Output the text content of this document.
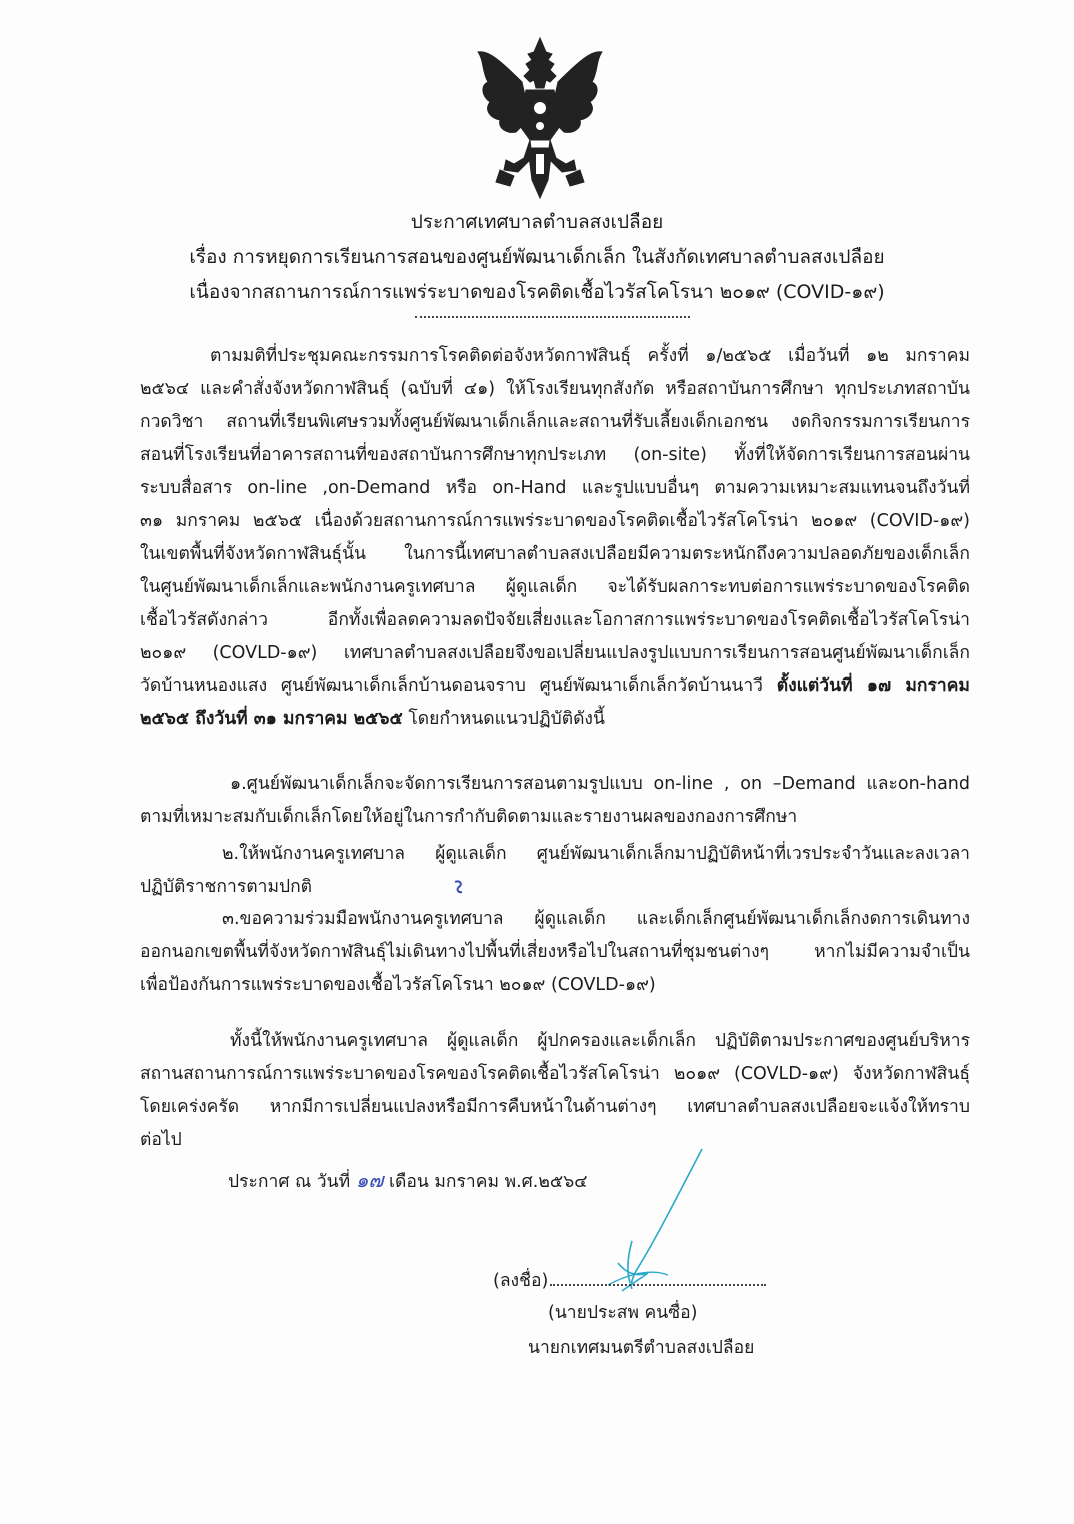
ประกาศเทศบาลตำบลสงเปลือย
เรื่อง การหยุดการเรียนการสอนของศูนย์พัฒนาเด็กเล็ก ในสังกัดเทศบาลตำบลสงเปลือย
เนื่องจากสถานการณ์การแพร่ระบาดของโรคติดเชื้อไวรัสโคโรนา ๒๐๑๙ (COVID-๑๙)
ตามมติที่ประชุมคณะกรรมการโรคติดต่อจังหวัดกาฬสินธุ์ ครั้งที่ ๑/๒๕๖๕ เมื่อวันที่ ๑๒ มกราคม
๒๕๖๔ และคำสั่งจังหวัดกาฬสินธุ์ (ฉบับที่ ๔๑) ให้โรงเรียนทุกสังกัด หรือสถาบันการศึกษา ทุกประเภทสถาบัน
กวดวิชา สถานที่เรียนพิเศษรวมทั้งศูนย์พัฒนาเด็กเล็กและสถานที่รับเลี้ยงเด็กเอกชน งดกิจกรรมการเรียนการ
สอนที่โรงเรียนที่อาคารสถานที่ของสถาบันการศึกษาทุกประเภท (on-site) ทั้งที่ให้จัดการเรียนการสอนผ่าน
ระบบสื่อสาร on-line ,on-Demand หรือ on-Hand และรูปแบบอื่นๆ ตามความเหมาะสมแทนจนถึงวันที่
๓๑ มกราคม ๒๕๖๕ เนื่องด้วยสถานการณ์การแพร่ระบาดของโรคติดเชื้อไวรัสโคโรน่า ๒๐๑๙ (COVID-๑๙)
ในเขตพื้นที่จังหวัดกาฬสินธุ์นั้น ในการนี้เทศบาลตำบลสงเปลือยมีความตระหนักถึงความปลอดภัยของเด็กเล็ก
ในศูนย์พัฒนาเด็กเล็กและพนักงานครูเทศบาล ผู้ดูแลเด็ก จะได้รับผลการะทบต่อการแพร่ระบาดของโรคติด
เชื้อไวรัสดังกล่าว อีกทั้งเพื่อลดความลดปัจจัยเสี่ยงและโอกาสการแพร่ระบาดของโรคติดเชื้อไวรัสโคโรน่า
๒๐๑๙ (COVLD-๑๙) เทศบาลตำบลสงเปลือยจึงขอเปลี่ยนแปลงรูปแบบการเรียนการสอนศูนย์พัฒนาเด็กเล็ก
วัดบ้านหนองแสง ศูนย์พัฒนาเด็กเล็กบ้านดอนจราบ ศูนย์พัฒนาเด็กเล็กวัดบ้านนาวี ตั้งแต่วันที่ ๑๗ มกราคม
๒๕๖๕ ถึงวันที่ ๓๑ มกราคม ๒๕๖๕ โดยกำหนดแนวปฏิบัติดังนี้
๑.ศูนย์พัฒนาเด็กเล็กจะจัดการเรียนการสอนตามรูปแบบ on-line , on –Demand และon-hand
ตามที่เหมาะสมกับเด็กเล็กโดยให้อยู่ในการกำกับติดตามและรายงานผลของกองการศึกษา
๒.ให้พนักงานครูเทศบาล ผู้ดูแลเด็ก ศูนย์พัฒนาเด็กเล็กมาปฏิบัติหน้าที่เวรประจำวันและลงเวลา
ปฏิบัติราชการตามปกติ
๓.ขอความร่วมมือพนักงานครูเทศบาล ผู้ดูแลเด็ก และเด็กเล็กศูนย์พัฒนาเด็กเล็กงดการเดินทาง
ออกนอกเขตพื้นที่จังหวัดกาฬสินธุ์ไม่เดินทางไปพื้นที่เสี่ยงหรือไปในสถานที่ชุมชนต่างๆ หากไม่มีความจำเป็น
เพื่อป้องกันการแพร่ระบาดของเชื้อไวรัสโคโรนา ๒๐๑๙ (COVLD-๑๙)
ทั้งนี้ให้พนักงานครูเทศบาล ผู้ดูแลเด็ก ผู้ปกครองและเด็กเล็ก ปฏิบัติตามประกาศของศูนย์บริหาร
สถานสถานการณ์การแพร่ระบาดของโรคของโรคติดเชื้อไวรัสโคโรน่า ๒๐๑๙ (COVLD-๑๙) จังหวัดกาฬสินธุ์
โดยเคร่งครัด หากมีการเปลี่ยนแปลงหรือมีการคืบหน้าในด้านต่างๆ เทศบาลตำบลสงเปลือยจะแจ้งให้ทราบ
ต่อไป
ประกาศ ณ วันที่ ๑๗ เดือน มกราคม พ.ศ.๒๕๖๔
(ลงชื่อ)
(นายประสพ คนซื่อ)
นายกเทศมนตรีตำบลสงเปลือย
